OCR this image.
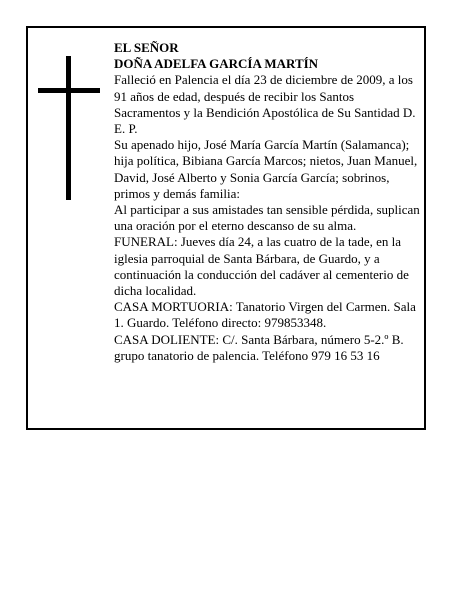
EL SEÑOR
DOÑA ADELFA GARCÍA MARTÍN

Falleció en Palencia el día 23 de diciembre de 2009, a los 91 años de edad, después de recibir los Santos Sacramentos y la Bendición Apostólica de Su Santidad D. E. P.

Su apenado hijo, José María García Martín (Salamanca); hija política, Bibiana García Marcos; nietos, Juan Manuel, David, José Alberto y Sonia García García; sobrinos, primos y demás familia:

Al participar a sus amistades tan sensible pérdida, suplican una oración por el eterno descanso de su alma.

FUNERAL: Jueves día 24, a las cuatro de la tade, en la iglesia parroquial de Santa Bárbara, de Guardo, y a continuación la conducción del cadáver al cementerio de dicha localidad.

CASA MORTUORIA: Tanatorio Virgen del Carmen. Sala 1. Guardo. Teléfono directo: 979853348.

CASA DOLIENTE: C/. Santa Bárbara, número 5-2.º B. grupo tanatorio de palencia. Teléfono 979 16 53 16
